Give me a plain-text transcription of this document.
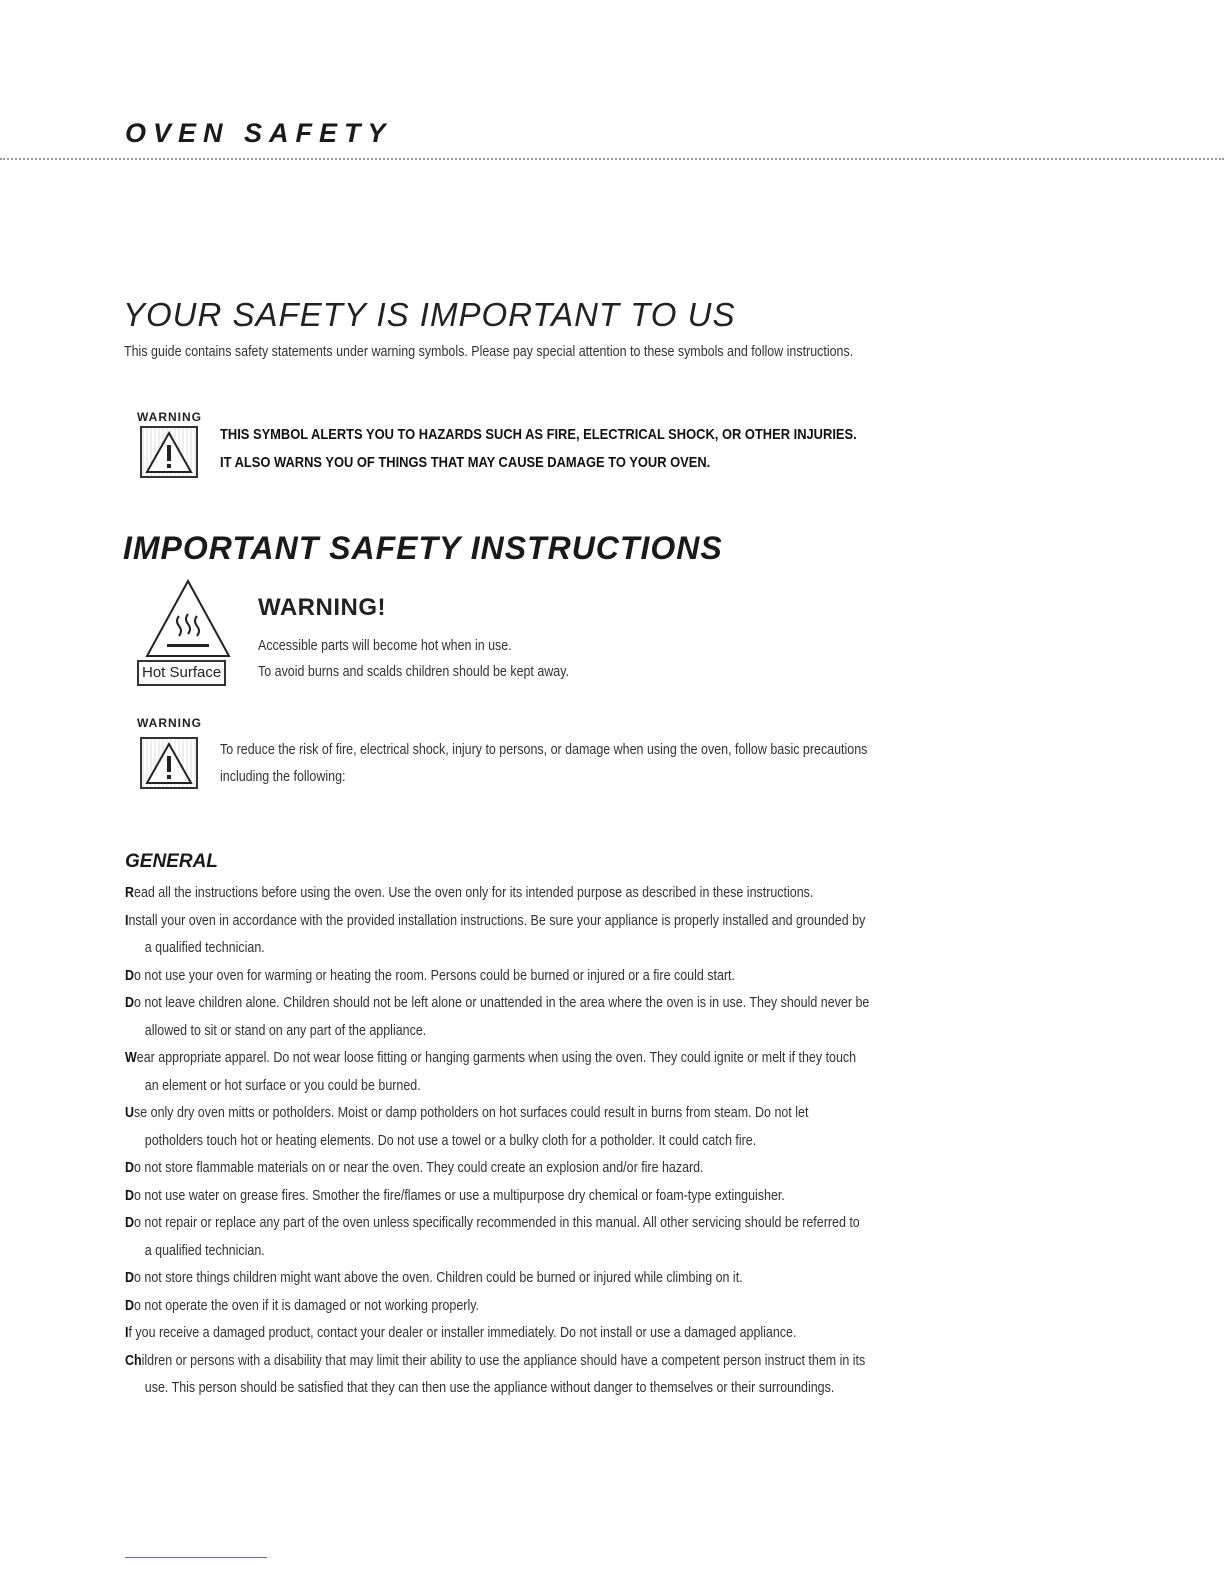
OVEN SAFETY
YOUR SAFETY IS IMPORTANT TO US
This guide contains safety statements under warning symbols. Please pay special attention to these symbols and follow instructions.
WARNING
THIS SYMBOL ALERTS YOU TO HAZARDS SUCH AS FIRE, ELECTRICAL SHOCK, OR OTHER INJURIES.
IT ALSO WARNS YOU OF THINGS THAT MAY CAUSE DAMAGE TO YOUR OVEN.
IMPORTANT SAFETY INSTRUCTIONS
Hot Surface
WARNING!
Accessible parts will become hot when in use.
To avoid burns and scalds children should be kept away.
WARNING
To reduce the risk of fire, electrical shock, injury to persons, or damage when using the oven, follow basic precautions
including the following:
GENERAL
Read all the instructions before using the oven. Use the oven only for its intended purpose as described in these instructions.
Install your oven in accordance with the provided installation instructions. Be sure your appliance is properly installed and grounded by
a qualified technician.
Do not use your oven for warming or heating the room. Persons could be burned or injured or a fire could start.
Do not leave children alone. Children should not be left alone or unattended in the area where the oven is in use. They should never be
allowed to sit or stand on any part of the appliance.
Wear appropriate apparel. Do not wear loose fitting or hanging garments when using the oven. They could ignite or melt if they touch
an element or hot surface or you could be burned.
Use only dry oven mitts or potholders. Moist or damp potholders on hot surfaces could result in burns from steam. Do not let
potholders touch hot or heating elements. Do not use a towel or a bulky cloth for a potholder. It could catch fire.
Do not store flammable materials on or near the oven. They could create an explosion and/or fire hazard.
Do not use water on grease fires. Smother the fire/flames or use a multipurpose dry chemical or foam-type extinguisher.
Do not repair or replace any part of the oven unless specifically recommended in this manual. All other servicing should be referred to
a qualified technician.
Do not store things children might want above the oven. Children could be burned or injured while climbing on it.
Do not operate the oven if it is damaged or not working properly.
If you receive a damaged product, contact your dealer or installer immediately. Do not install or use a damaged appliance.
Children or persons with a disability that may limit their ability to use the appliance should have a competent person instruct them in its
use. This person should be satisfied that they can then use the appliance without danger to themselves or their surroundings.
